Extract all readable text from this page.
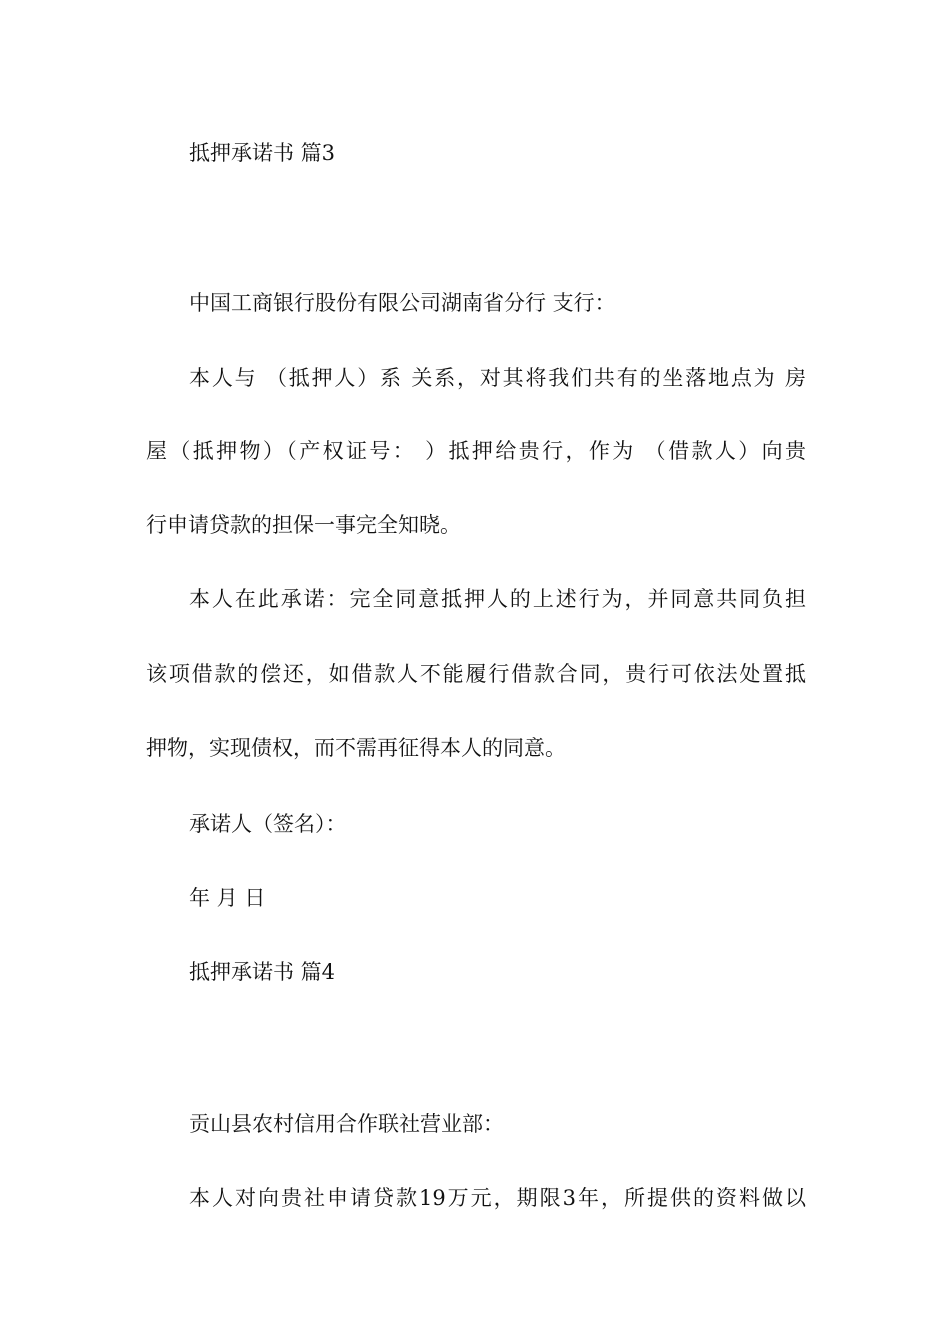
抵押承诺书 篇3

中国工商银行股份有限公司湖南省分行 支行：

本人与 （抵押人）系 关系，对其将我们共有的坐落地点为 房

屋（抵押物）（产权证号： ）抵押给贵行，作为 （借款人）向贵

行申请贷款的担保一事完全知晓。

本人在此承诺：完全同意抵押人的上述行为，并同意共同负担

该项借款的偿还，如借款人不能履行借款合同，贵行可依法处置抵

押物，实现债权，而不需再征得本人的同意。

承诺人（签名）：

年 月 日

抵押承诺书 篇4

贡山县农村信用合作联社营业部：

本人对向贵社申请贷款19万元，期限3年，所提供的资料做以
